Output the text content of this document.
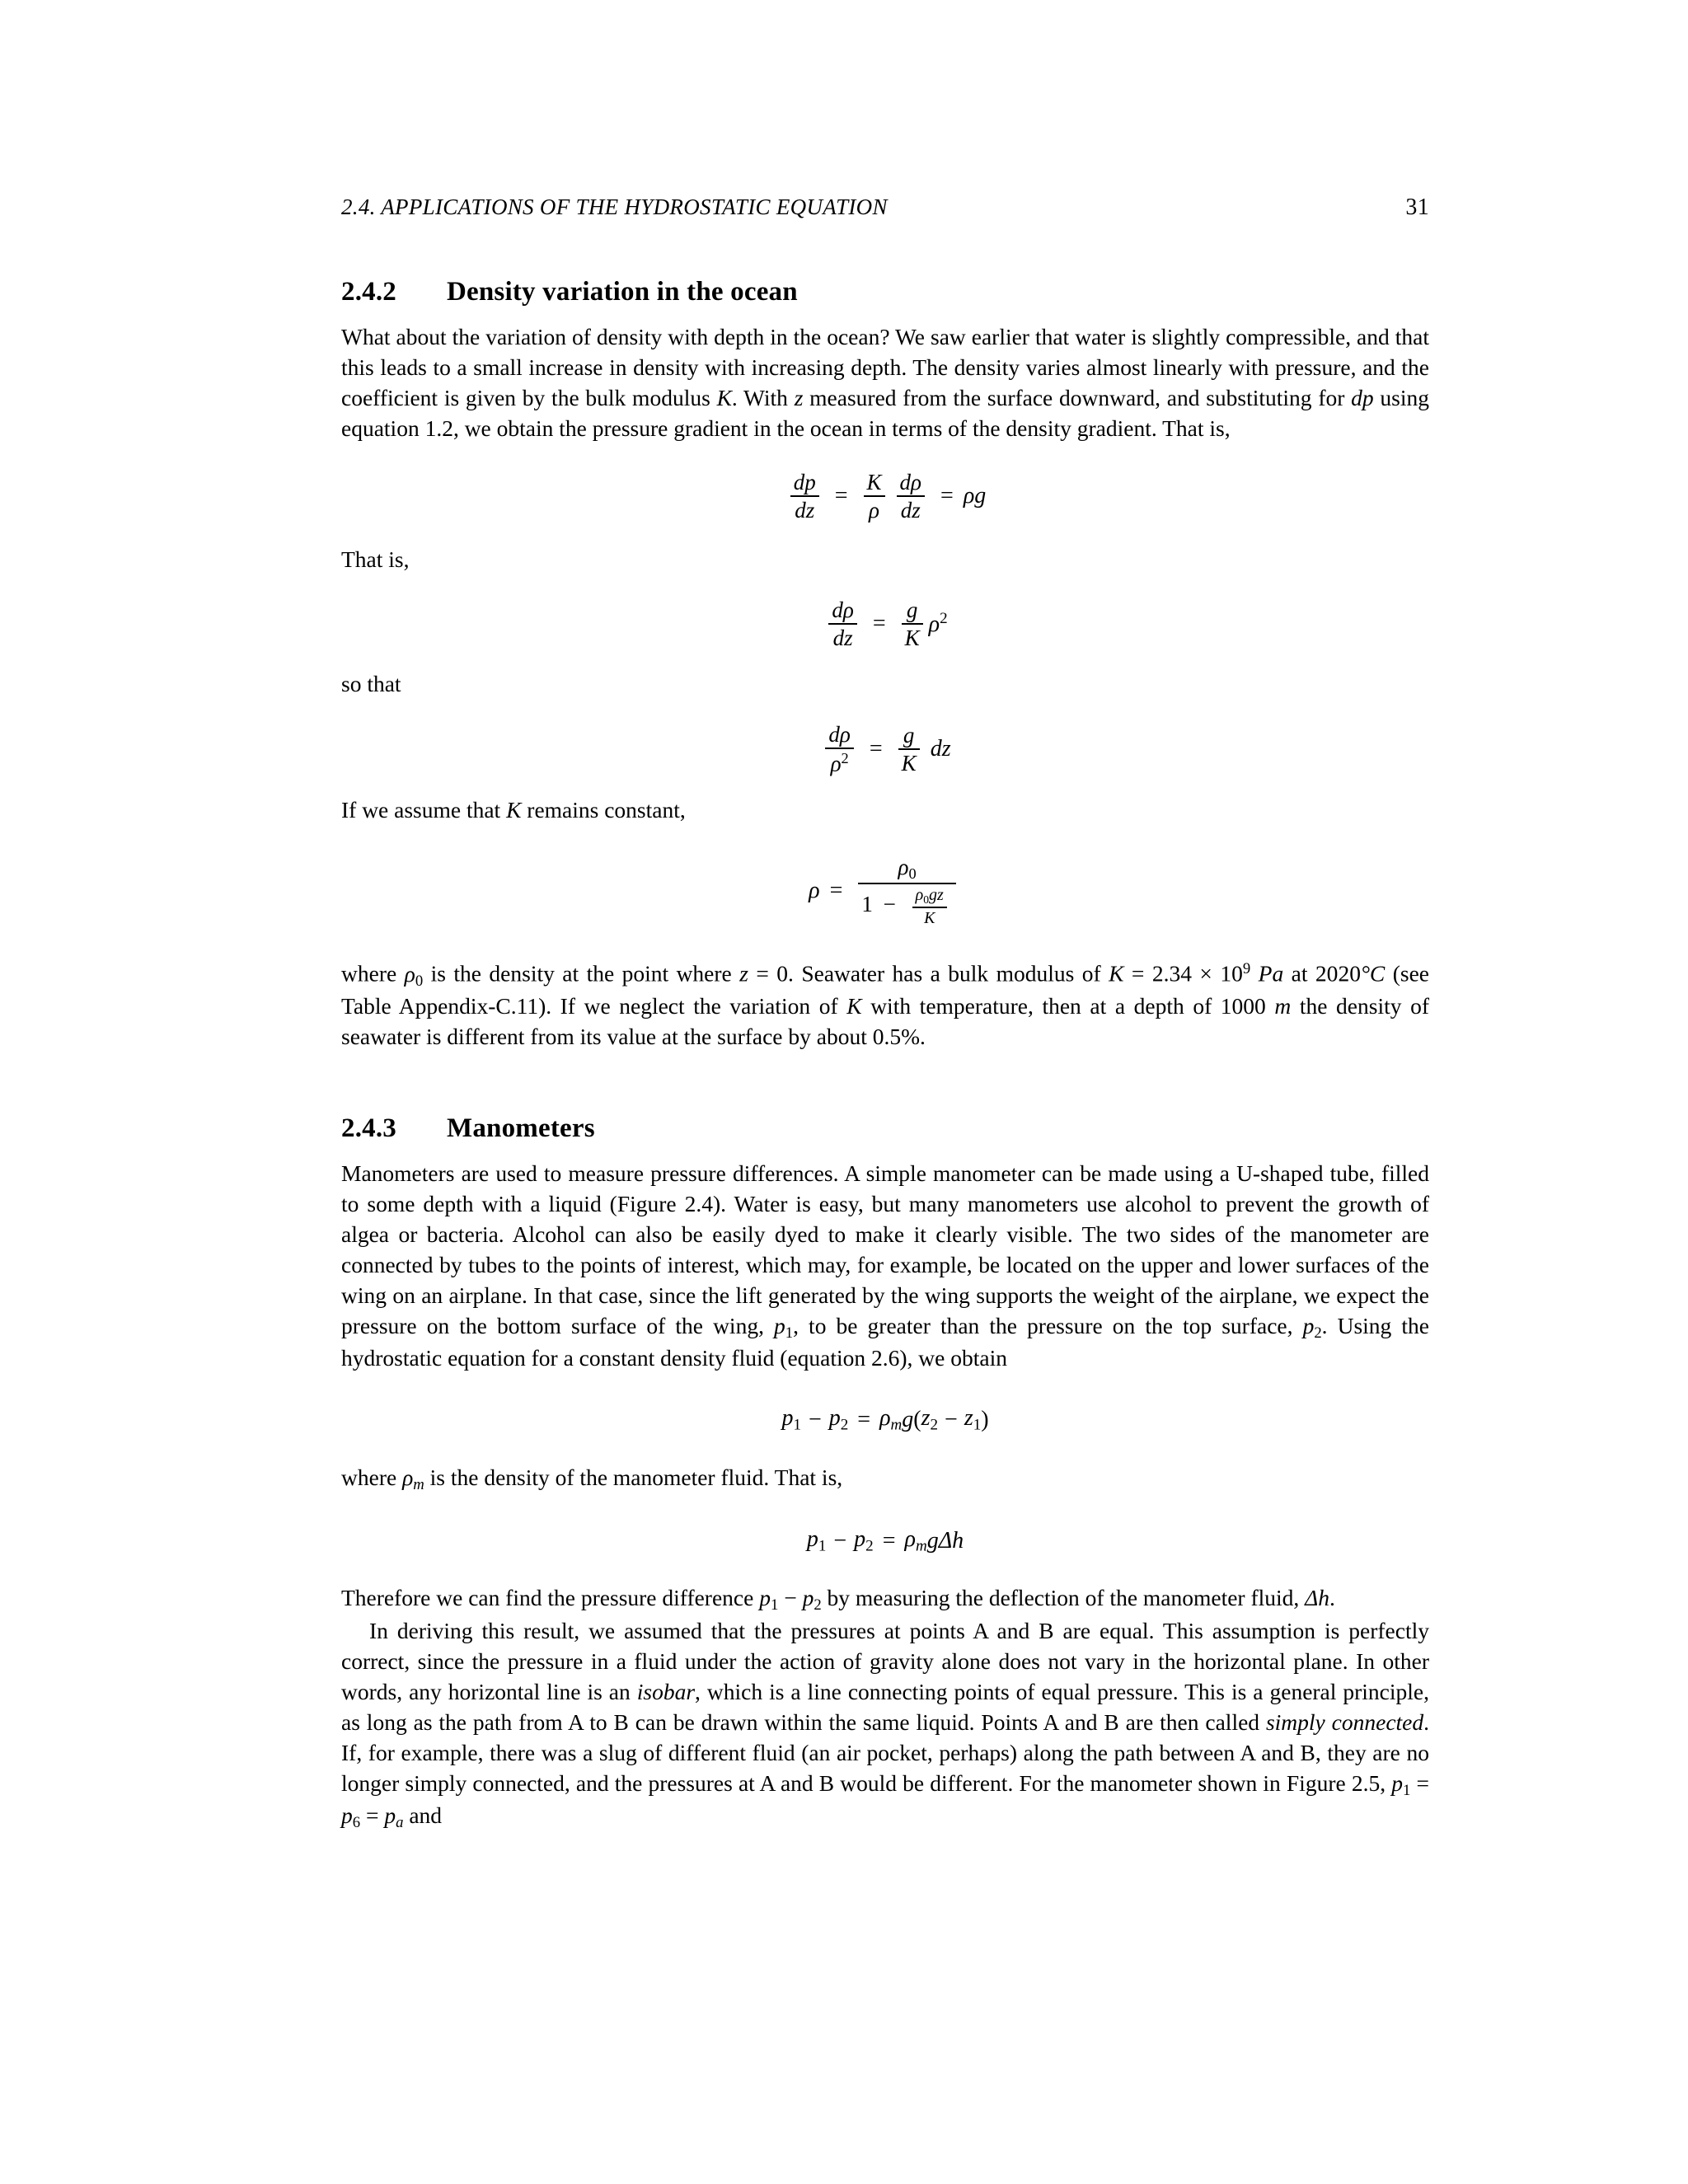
2.4. APPLICATIONS OF THE HYDROSTATIC EQUATION	31
2.4.2 Density variation in the ocean

What about the variation of density with depth in the ocean? We saw earlier that water is slightly compressible, and that this leads to a small increase in density with increasing depth. The density varies almost linearly with pressure, and the coefficient is given by the bulk modulus K. With z measured from the surface downward, and substituting for dp using equation 1.2, we obtain the pressure gradient in the ocean in terms of the density gradient. That is,

$\frac{dp}{dz} = \frac{K}{\rho} \frac{d\rho}{dz} = \rho$ g

That is,

$\frac{d\rho}{dz} = \frac{g}{K} \rho^2$

so that

$\frac{d\rho}{\rho^2} = \frac{g}{K}$ dz

If we assume that K remains constant,

ρ =
ρ0
$1 - \frac{\rho 0gz}{K}$

where ρ0 is the density at the point where z = 0. Seawater has a bulk modulus of $K = 2.34 \times 10^9$ Pa at 2020°C (see Table Appendix-C.11). If we neglect the variation of K with temperature, then at a depth of 1000 m the density of seawater is different from its value at the surface by about 0.5%.

2.4.3 Manometers

Manometers are used to measure pressure differences. A simple manometer can be made using a U-shaped tube, filled to some depth with a liquid (Figure 2.4). Water is easy, but many manometers use alcohol to prevent the growth of algea or bacteria. Alcohol can also be easily dyed to make it clearly visible. The two sides of the manometer are connected by tubes to the points of interest, which may, for example, be located on the upper and lower surfaces of the wing on an airplane. In that case, since the lift generated by the wing supports the weight of the airplane, we expect the pressure on the bottom surface of the wing, p1, to be greater than the pressure on the top surface, p2. Using the hydrostatic equation for a constant density fluid (equation 2.6), we obtain

$p1 - p2 = \rho_m$ g ( z2 − z1 )

where $\rho_m$ is the density of the manometer fluid. That is,

$p1 - p2 = \rho_m$ g Δh

Therefore we can find the pressure difference p1 − p2 by measuring the deflection of the manometer fluid, Δh.

In deriving this result, we assumed that the pressures at points A and B are equal. This assumption is perfectly correct, since the pressure in a fluid under the action of gravity alone does not vary in the horizontal plane. In other words, any horizontal line is an isobar, which is a line connecting points of equal pressure. This is a general principle, as long as the path from A to B can be drawn within the same liquid. Points A and B are then called simply connected. If, for example, there was a slug of different fluid (an air pocket, perhaps) along the path between A and B, they are no longer simply connected, and the pressures at A and B would be different. For the manometer shown in Figure 2.5, $p1 = p6 = p_a$ and
